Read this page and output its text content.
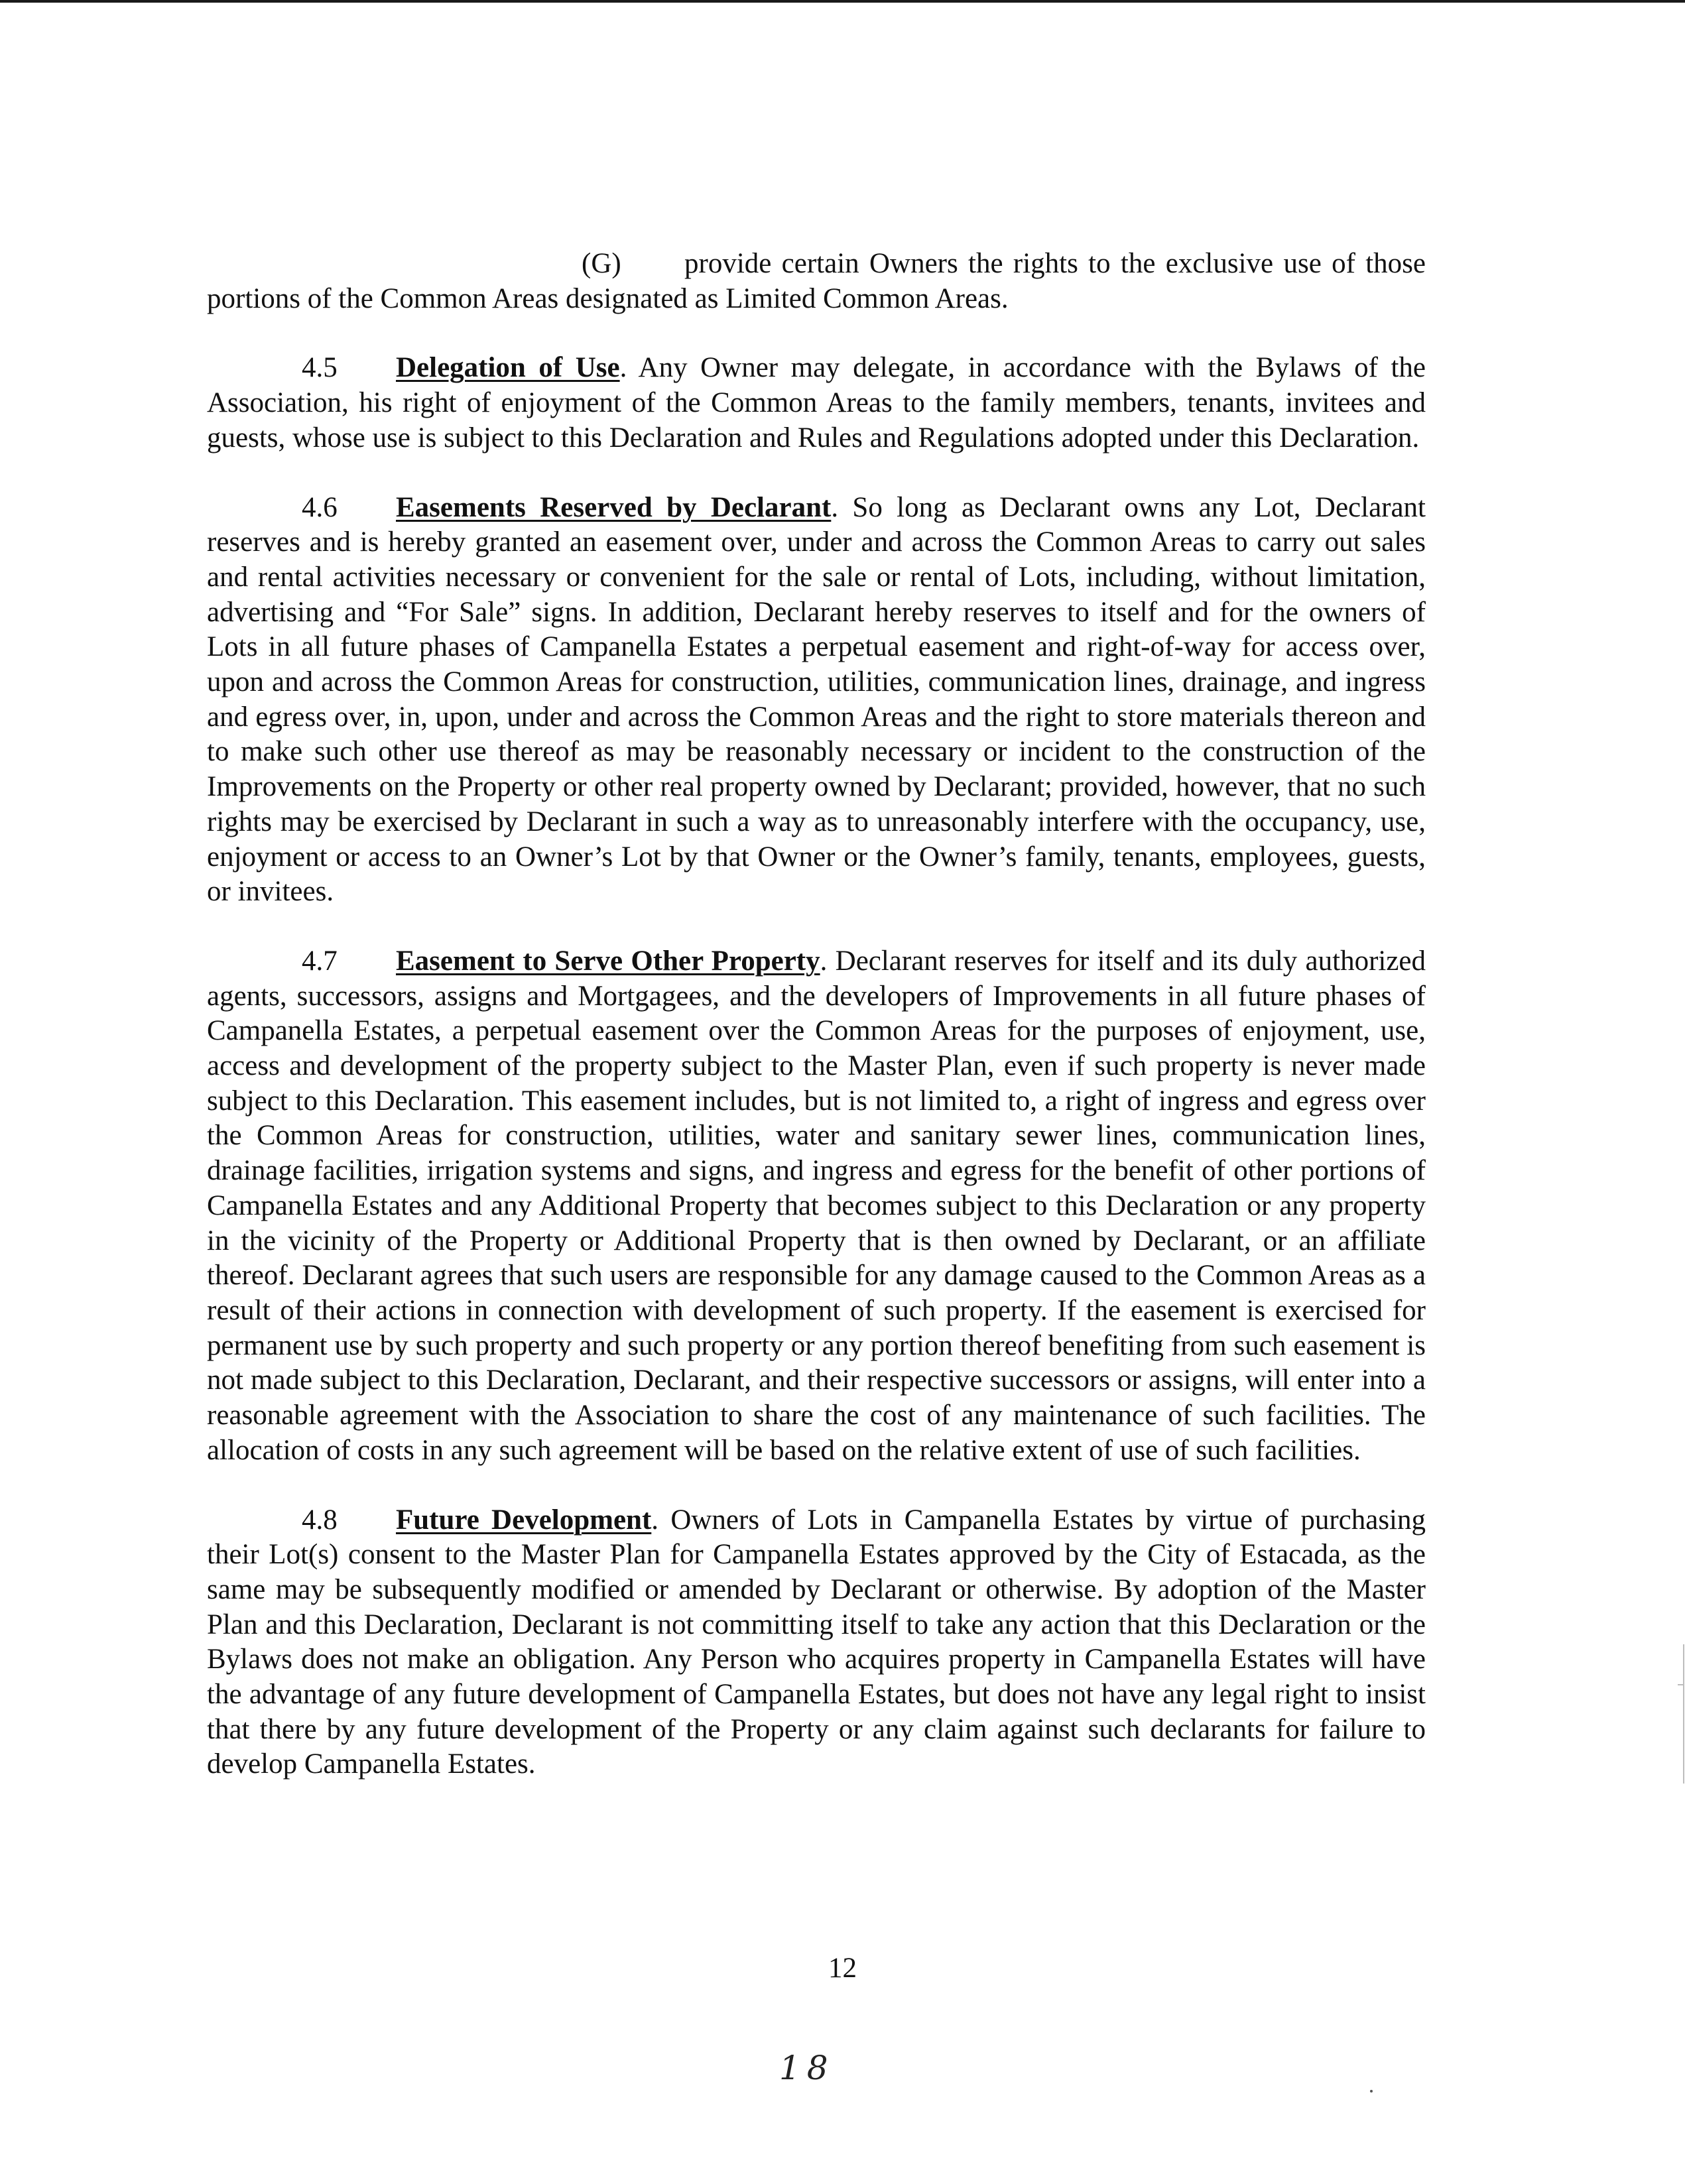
(G) provide certain Owners the rights to the exclusive use of those portions of the Common Areas designated as Limited Common Areas.

4.5 Delegation of Use. Any Owner may delegate, in accordance with the Bylaws of the Association, his right of enjoyment of the Common Areas to the family members, tenants, invitees and guests, whose use is subject to this Declaration and Rules and Regulations adopted under this Declaration.

4.6 Easements Reserved by Declarant. So long as Declarant owns any Lot, Declarant reserves and is hereby granted an easement over, under and across the Common Areas to carry out sales and rental activities necessary or convenient for the sale or rental of Lots, including, without limitation, advertising and “For Sale” signs. In addition, Declarant hereby reserves to itself and for the owners of Lots in all future phases of Campanella Estates a perpetual easement and right-of-way for access over, upon and across the Common Areas for construction, utilities, communication lines, drainage, and ingress and egress over, in, upon, under and across the Common Areas and the right to store materials thereon and to make such other use thereof as may be reasonably necessary or incident to the construction of the Improvements on the Property or other real property owned by Declarant; provided, however, that no such rights may be exercised by Declarant in such a way as to unreasonably interfere with the occupancy, use, enjoyment or access to an Owner’s Lot by that Owner or the Owner’s family, tenants, employees, guests, or invitees.

4.7 Easement to Serve Other Property. Declarant reserves for itself and its duly authorized agents, successors, assigns and Mortgagees, and the developers of Improvements in all future phases of Campanella Estates, a perpetual easement over the Common Areas for the purposes of enjoyment, use, access and development of the property subject to the Master Plan, even if such property is never made subject to this Declaration. This easement includes, but is not limited to, a right of ingress and egress over the Common Areas for construction, utilities, water and sanitary sewer lines, communication lines, drainage facilities, irrigation systems and signs, and ingress and egress for the benefit of other portions of Campanella Estates and any Additional Property that becomes subject to this Declaration or any property in the vicinity of the Property or Additional Property that is then owned by Declarant, or an affiliate thereof. Declarant agrees that such users are responsible for any damage caused to the Common Areas as a result of their actions in connection with development of such property. If the easement is exercised for permanent use by such property and such property or any portion thereof benefiting from such easement is not made subject to this Declaration, Declarant, and their respective successors or assigns, will enter into a reasonable agreement with the Association to share the cost of any maintenance of such facilities. The allocation of costs in any such agreement will be based on the relative extent of use of such facilities.

4.8 Future Development. Owners of Lots in Campanella Estates by virtue of purchasing their Lot(s) consent to the Master Plan for Campanella Estates approved by the City of Estacada, as the same may be subsequently modified or amended by Declarant or otherwise. By adoption of the Master Plan and this Declaration, Declarant is not committing itself to take any action that this Declaration or the Bylaws does not make an obligation. Any Person who acquires property in Campanella Estates will have the advantage of any future development of Campanella Estates, but does not have any legal right to insist that there by any future development of the Property or any claim against such declarants for failure to develop Campanella Estates.

12
18
